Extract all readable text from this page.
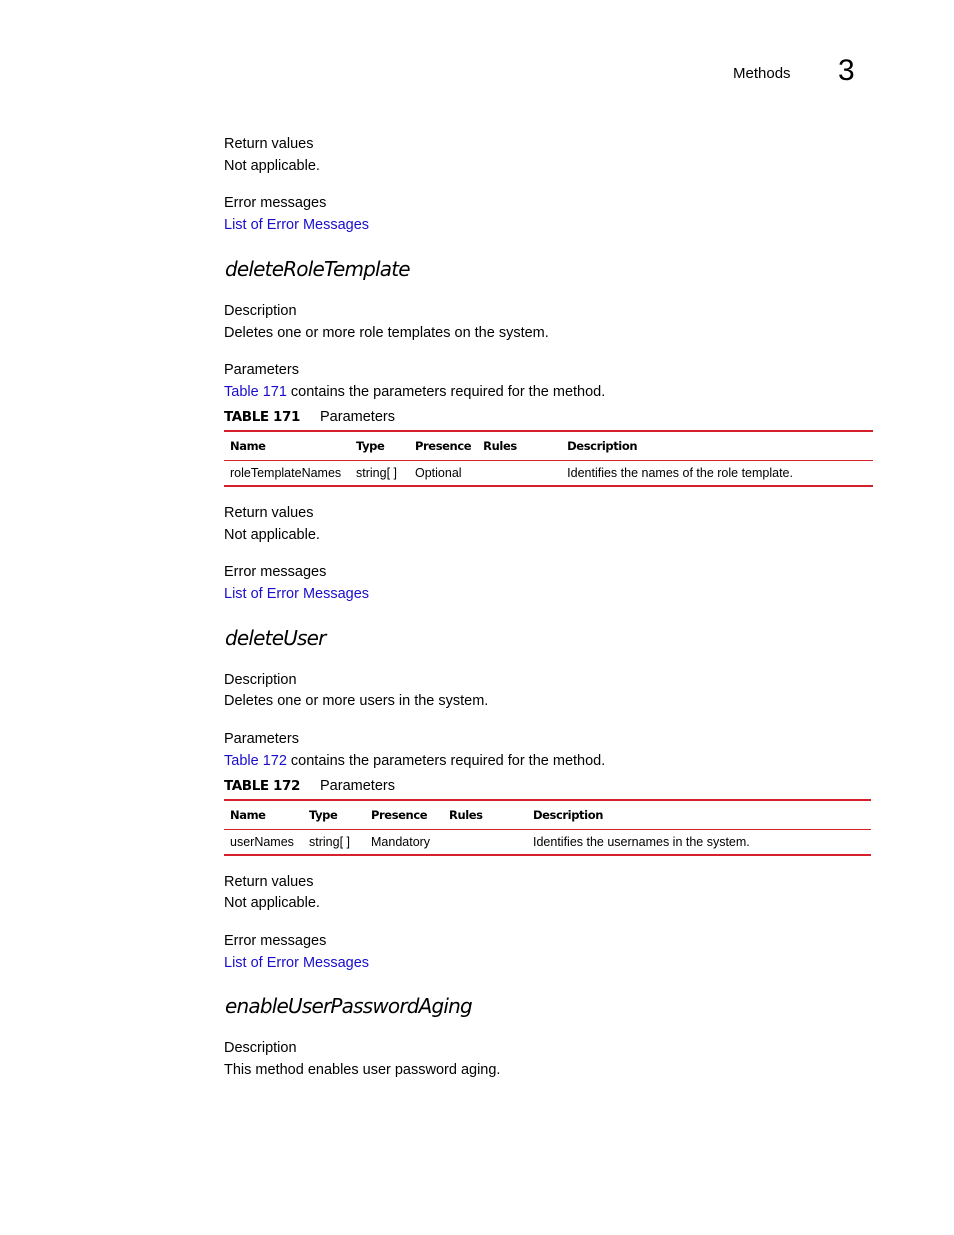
Methods 3
Return values
Not applicable.
Error messages
List of Error Messages
deleteRoleTemplate
Description
Deletes one or more role templates on the system.
Parameters
Table 171 contains the parameters required for the method.
TABLE 171 Parameters
Name	Type	Presence	Rules	Description
roleTemplateNames	string[ ]	Optional		Identifies the names of the role template.
Return values
Not applicable.
Error messages
List of Error Messages
deleteUser
Description
Deletes one or more users in the system.
Parameters
Table 172 contains the parameters required for the method.
TABLE 172 Parameters
Name	Type	Presence	Rules	Description
userNames	string[ ]	Mandatory		Identifies the usernames in the system.
Return values
Not applicable.
Error messages
List of Error Messages
enableUserPasswordAging
Description
This method enables user password aging.
